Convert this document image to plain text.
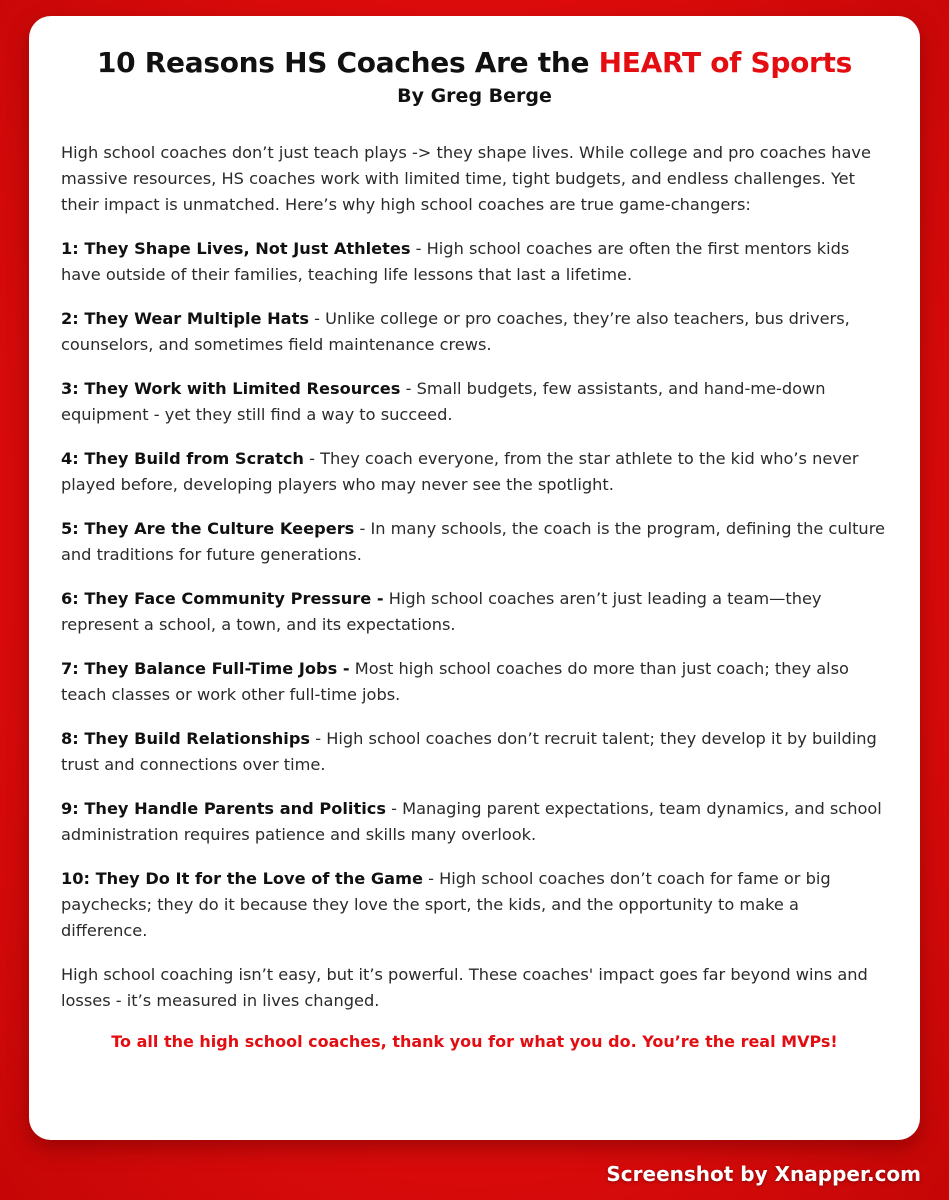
10 Reasons HS Coaches Are the HEART of Sports

By Greg Berge

High school coaches don’t just teach plays -> they shape lives. While college and pro coaches have massive resources, HS coaches work with limited time, tight budgets, and endless challenges. Yet their impact is unmatched. Here’s why high school coaches are true game-changers:

1: They Shape Lives, Not Just Athletes - High school coaches are often the first mentors kids have outside of their families, teaching life lessons that last a lifetime.
2: They Wear Multiple Hats - Unlike college or pro coaches, they’re also teachers, bus drivers, counselors, and sometimes field maintenance crews.
3: They Work with Limited Resources - Small budgets, few assistants, and hand-me-down equipment - yet they still find a way to succeed.
4: They Build from Scratch - They coach everyone, from the star athlete to the kid who’s never played before, developing players who may never see the spotlight.
5: They Are the Culture Keepers - In many schools, the coach is the program, defining the culture and traditions for future generations.
6: They Face Community Pressure - High school coaches aren’t just leading a team—they represent a school, a town, and its expectations.
7: They Balance Full-Time Jobs - Most high school coaches do more than just coach; they also teach classes or work other full-time jobs.
8: They Build Relationships - High school coaches don’t recruit talent; they develop it by building trust and connections over time.
9: They Handle Parents and Politics - Managing parent expectations, team dynamics, and school administration requires patience and skills many overlook.
10: They Do It for the Love of the Game - High school coaches don’t coach for fame or big paychecks; they do it because they love the sport, the kids, and the opportunity to make a difference.

High school coaching isn’t easy, but it’s powerful. These coaches' impact goes far beyond wins and losses - it’s measured in lives changed.

To all the high school coaches, thank you for what you do. You’re the real MVPs!

Screenshot by Xnapper.com
